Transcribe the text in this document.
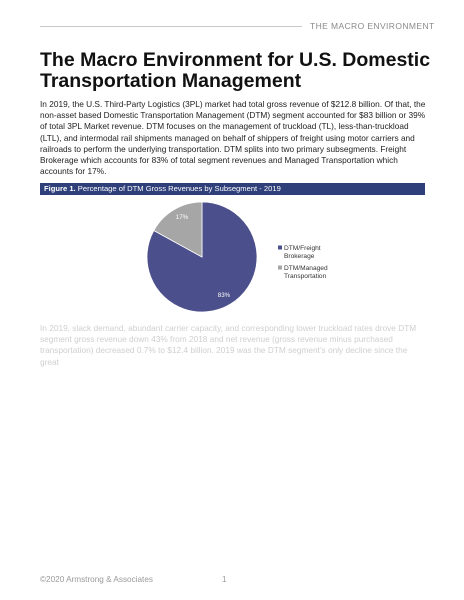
THE MACRO ENVIRONMENT
The Macro Environment for U.S. Domestic Transportation Management

In 2019, the U.S. Third-Party Logistics (3PL) market had total gross revenue of $212.8 billion. Of that, the non-asset based Domestic Transportation Management (DTM) segment accounted for $83 billion or 39% of total 3PL Market revenue. DTM focuses on the management of truckload (TL), less-than-truckload (LTL), and intermodal rail shipments managed on behalf of shippers of freight using motor carriers and railroads to perform the underlying transportation. DTM splits into two primary subsegments. Freight Brokerage which accounts for 83% of total segment revenues and Managed Transportation which accounts for 17%.

Figure 1. Percentage of DTM Gross Revenues by Subsegment - 2019
83%
17%
DTM/Freight Brokerage
DTM/Managed Transportation

In 2019, slack demand, abundant carrier capacity, and corresponding lower truckload rates drove DTM segment gross revenue down 43% from 2018 and net revenue (gross revenue minus purchased transportation) decreased 0.7% to $12.4 billion. 2019 was the DTM segment's only decline since the great

©2020 Armstrong & Associates	1
